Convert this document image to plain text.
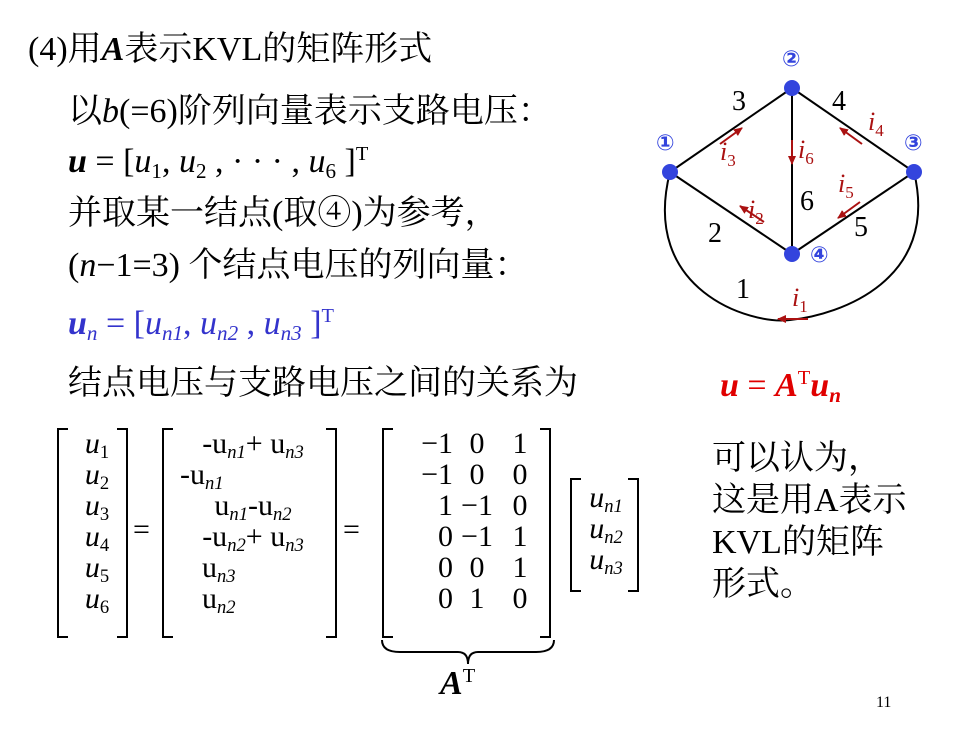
(4)用A表示KVL的矩阵形式
以b(=6)阶列向量表示支路电压：
$u = [u_1$, $u_2$ , · · · , $u_6$ ]$^T$
并取某一结点(取④)为参考，
(n−1=3) 个结点电压的列向量：
$u_n = [u_{n1}$, $u_{n2}$ , $u_{n3}$ ]$^T$
结点电压与支路电压之间的关系为	$u = A^Tu_n$
$u_1$
$u_2$
$u_3$
$u_4$
$u_5$
$u_6$
=
$-u_{n1}+ u_{n3}$
$-u_{n1}$
$u_{n1}-u_{n2}$
$-u_{n2}+ u_{n3}$
$u_{n3}$
$u_{n2}$
=
−1 0 1
−1 0 0
1 −1 0
0 −1 1
0 0 1
0 1 0
$A^T$
$u_{n1}$
$u_{n2}$
$u_{n3}$
可以认为，
这是用A表示
KVL的矩阵
形式。
11
①
②
③
④
1
2
3	4
5
6
$i_1$
$i_2$
$i_3$
$i_4$
$i_5$
$i_6$
